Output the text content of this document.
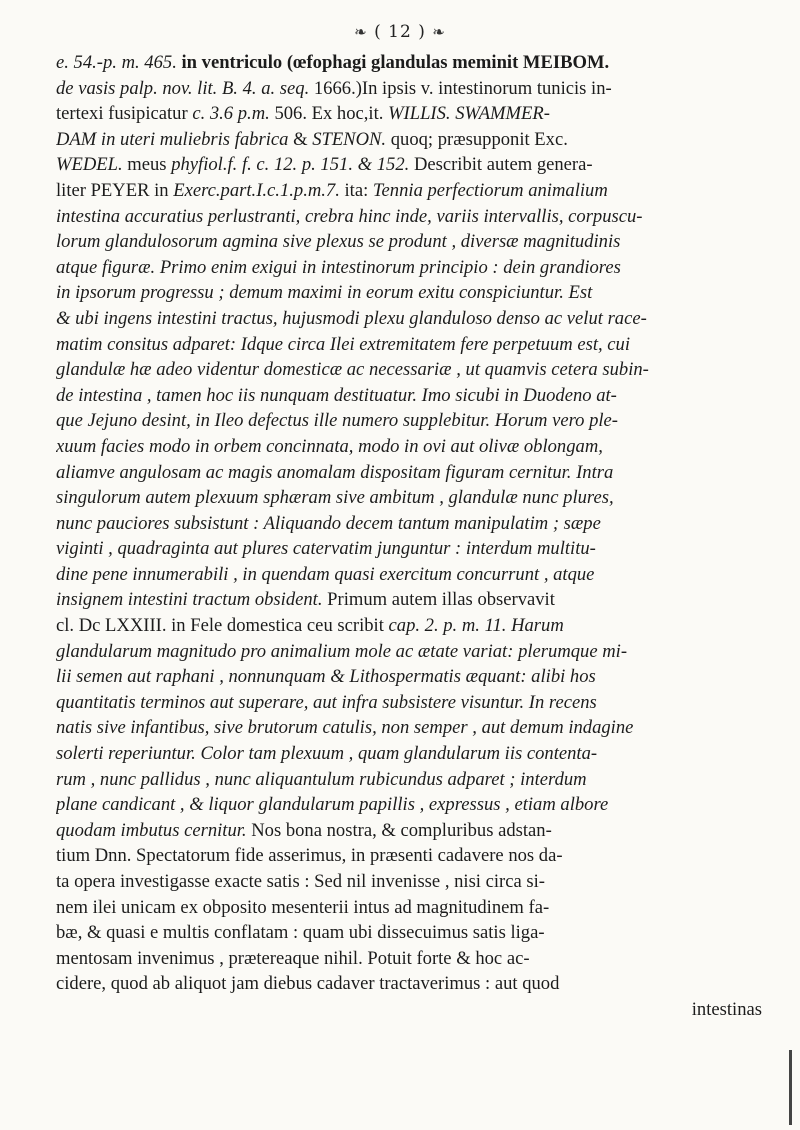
❧ ( 12 ) ❧
e. 54.-p. m. 465. in ventriculo (œfophagi glandulas meminit MEIBOM.
de vasis palp. nov. lit. B. 4. a. seq. 1666.)In ipsis v. intestinorum tunicis in-
tertexi fusipicatur c. 3.6 p.m. 506. Ex hoc,it. WILLIS. SWAMMER-
DAM in uteri muliebris fabrica & STENON. quoq; præsupponit Exc.
WEDEL. meus phyfiol.f. f. c. 12. p. 151. & 152. Describit autem genera-
liter PEYER in Exerc.part.I.c.1.p.m.7. ita: Tennia perfectiorum animalium
intestina accuratius perlustranti, crebra hinc inde, variis intervallis, corpuscu-
lorum glandulosorum agmina sive plexus se produnt , diversæ magnitudinis
atque figuræ. Primo enim exigui in intestinorum principio : dein grandiores
in ipsorum progressu ; demum maximi in eorum exitu conspiciuntur. Est
& ubi ingens intestini tractus, hujusmodi plexu glanduloso denso ac velut race-
matim consitus adparet: Idque circa Ilei extremitatem fere perpetuum est, cui
glandulæ hæ adeo videntur domesticæ ac necessariæ , ut quamvis cetera subin-
de intestina , tamen hoc iis nunquam destituatur. Imo sicubi in Duodeno at-
que Jejuno desint, in Ileo defectus ille numero supplebitur. Horum vero ple-
xuum facies modo in orbem concinnata, modo in ovi aut olivæ oblongam,
aliamve angulosam ac magis anomalam dispositam figuram cernitur. Intra
singulorum autem plexuum sphæram sive ambitum , glandulæ nunc plures,
nunc pauciores subsistunt : Aliquando decem tantum manipulatim ; sæpe
viginti , quadraginta aut plures catervatim junguntur : interdum multitu-
dine pene innumerabili , in quendam quasi exercitum concurrunt , atque
insignem intestini tractum obsident. Primum autem illas observavit
cl. Dc LXXIII. in Fele domestica ceu scribit cap. 2. p. m. 11. Harum
glandularum magnitudo pro animalium mole ac ætate variat: plerumque mi-
lii semen aut raphani , nonnunquam & Lithospermatis æquant: alibi hos
quantitatis terminos aut superare, aut infra subsistere visuntur. In recens
natis sive infantibus, sive brutorum catulis, non semper , aut demum indagine
solerti reperiuntur. Color tam plexuum , quam glandularum iis contenta-
rum , nunc pallidus , nunc aliquantulum rubicundus adparet ; interdum
plane candicant , & liquor glandularum papillis , expressus , etiam albore
quodam imbutus cernitur. Nos bona nostra, & compluribus adstan-
tium Dnn. Spectatorum fide asserimus, in præsenti cadavere nos da-
ta opera investigasse exacte satis : Sed nil invenisse , nisi circa si-
nem ilei unicam ex obposito mesenterii intus ad magnitudinem fa-
bæ, & quasi e multis conflatam : quam ubi dissecuimus satis liga-
mentosam invenimus , prætereaque nihil. Potuit forte & hoc ac-
cidere, quod ab aliquot jam diebus cadaver tractaverimus : aut quod
intestinas
